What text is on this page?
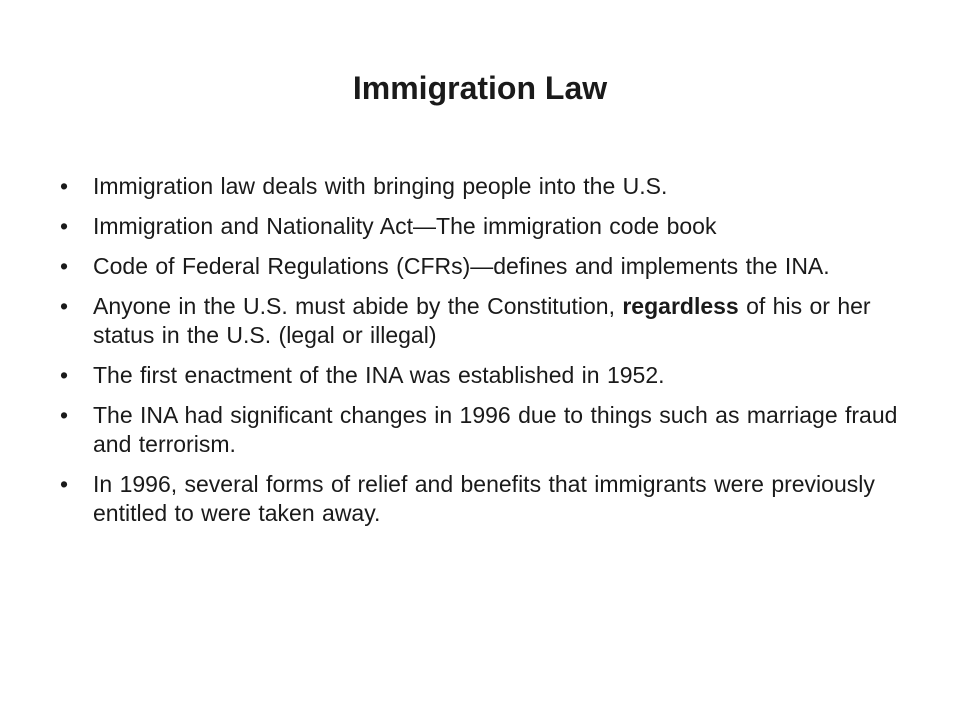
Immigration Law
•	Immigration law deals with bringing people into the U.S.
•	Immigration and Nationality Act—The immigration code book
•	Code of Federal Regulations (CFRs)—defines and implements the INA.
•	Anyone in the U.S. must abide by the Constitution, regardless of his or her status in the U.S. (legal or illegal)
•	The first enactment of the INA was established in 1952.
•	The INA had significant changes in 1996 due to things such as marriage fraud and terrorism.
•	In 1996, several forms of relief and benefits that immigrants were previously entitled to were taken away.
